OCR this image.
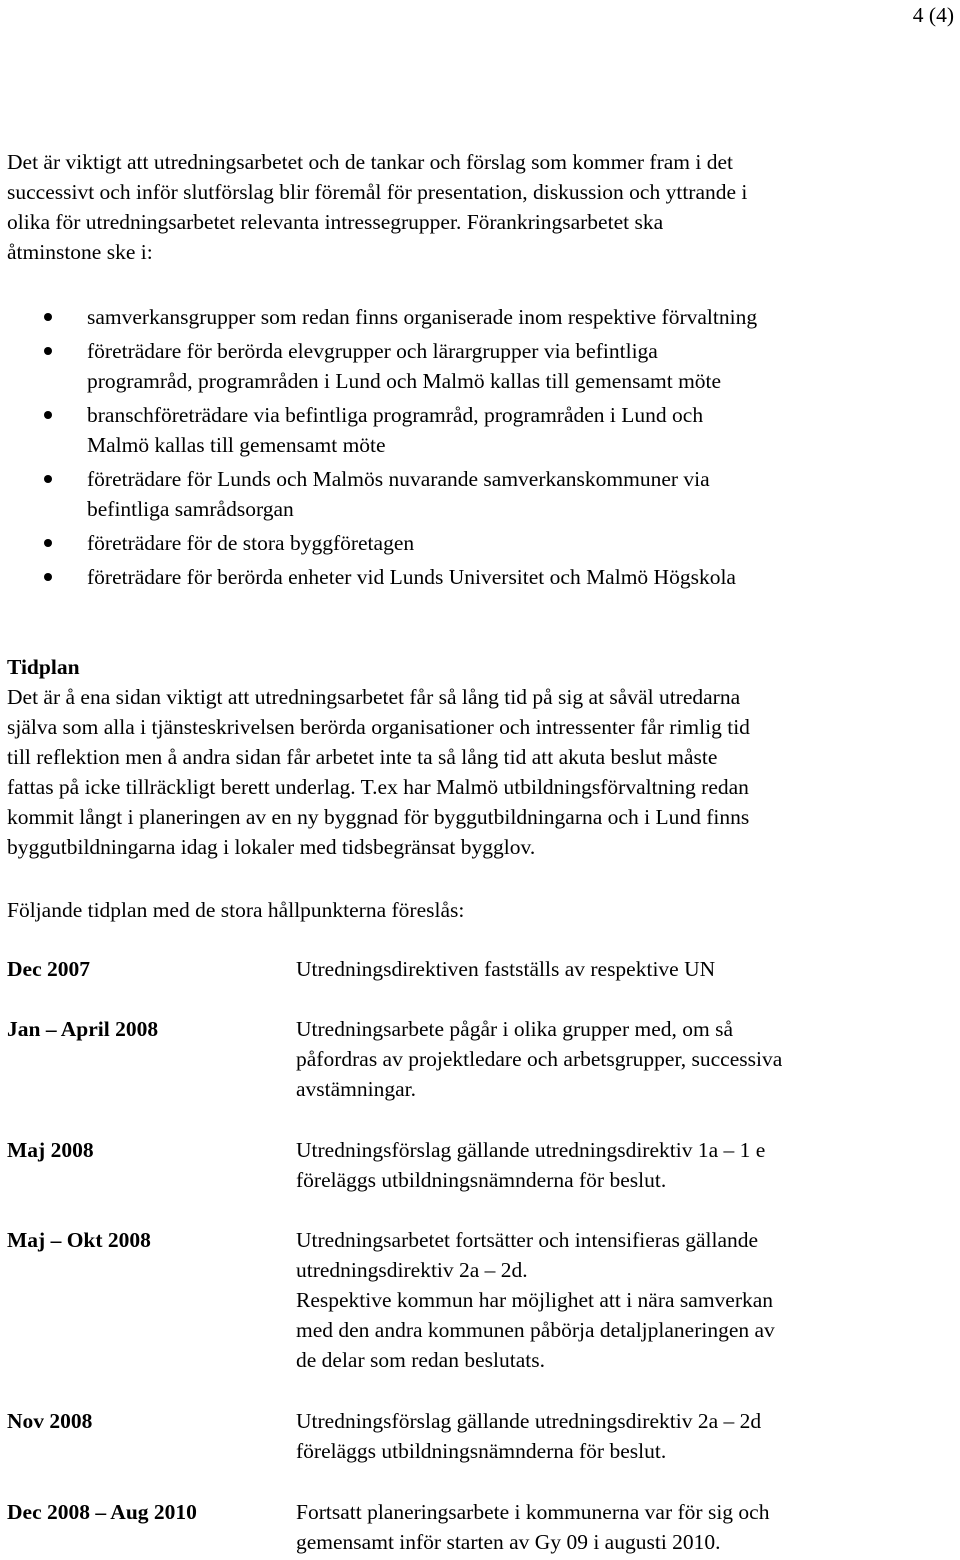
4 (4)
Det är viktigt att utredningsarbetet och de tankar och förslag som kommer fram i det
successivt och inför slutförslag blir föremål för presentation, diskussion och yttrande i
olika för utredningsarbetet relevanta intressegrupper. Förankringsarbetet ska
åtminstone ske i:
samverkansgrupper som redan finns organiserade inom respektive förvaltning
företrädare för berörda elevgrupper och lärargrupper via befintliga
programråd, programråden i Lund och Malmö kallas till gemensamt möte
branschföreträdare via befintliga programråd, programråden i Lund och
Malmö kallas till gemensamt möte
företrädare för Lunds och Malmös nuvarande samverkanskommuner via
befintliga samrådsorgan
företrädare för de stora byggföretagen
företrädare för berörda enheter vid Lunds Universitet och Malmö Högskola
Tidplan
Det är å ena sidan viktigt att utredningsarbetet får så lång tid på sig at såväl utredarna
själva som alla i tjänsteskrivelsen berörda organisationer och intressenter får rimlig tid
till reflektion men å andra sidan får arbetet inte ta så lång tid att akuta beslut måste
fattas på icke tillräckligt berett underlag. T.ex har Malmö utbildningsförvaltning redan
kommit långt i planeringen av en ny byggnad för byggutbildningarna och i Lund finns
byggutbildningarna idag i lokaler med tidsbegränsat bygglov.
Följande tidplan med de stora hållpunkterna föreslås:
Dec 2007	Utredningsdirektiven fastställs av respektive UN
Jan – April 2008	Utredningsarbete pågår i olika grupper med, om så
påfordras av projektledare och arbetsgrupper, successiva
avstämningar.
Maj 2008	Utredningsförslag gällande utredningsdirektiv 1a – 1 e
föreläggs utbildningsnämnderna för beslut.
Maj – Okt 2008	Utredningsarbetet fortsätter och intensifieras gällande
utredningsdirektiv 2a – 2d.
Respektive kommun har möjlighet att i nära samverkan
med den andra kommunen påbörja detaljplaneringen av
de delar som redan beslutats.
Nov 2008	Utredningsförslag gällande utredningsdirektiv 2a – 2d
föreläggs utbildningsnämnderna för beslut.
Dec 2008 – Aug 2010	Fortsatt planeringsarbete i kommunerna var för sig och
gemensamt inför starten av Gy 09 i augusti 2010.
